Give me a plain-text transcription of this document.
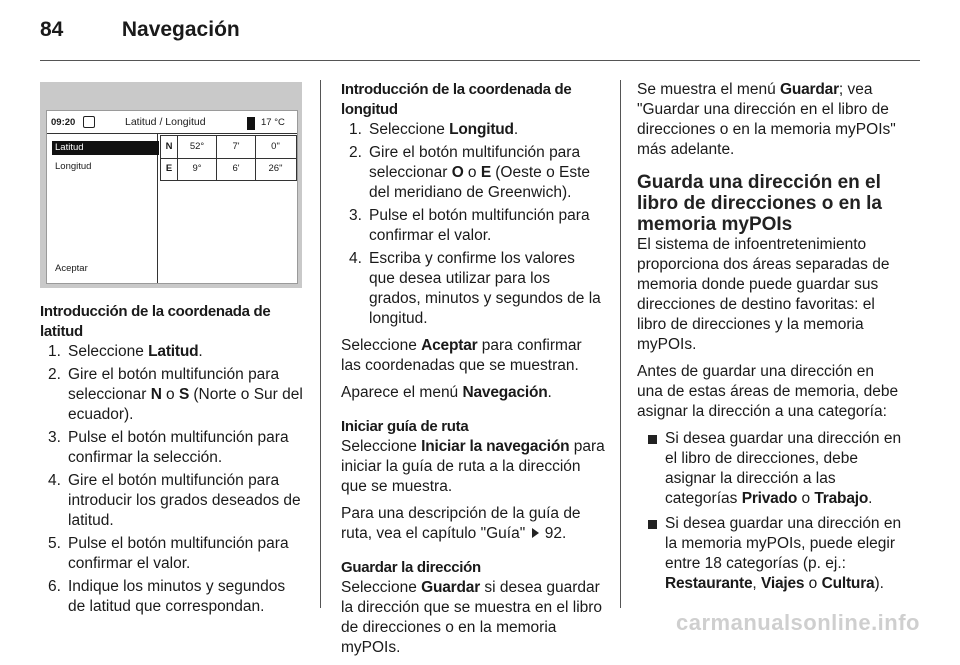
84	Navegación
09:20	Latitud / Longitud	17 °C
Latitud
Longitud
Aceptar
N	52°	7'	0"
E	9°	6'	26"
Introducción de la coordenada de latitud
1. Seleccione Latitud.
2. Gire el botón multifunción para seleccionar N o S (Norte o Sur del ecuador).
3. Pulse el botón multifunción para confirmar la selección.
4. Gire el botón multifunción para introducir los grados deseados de latitud.
5. Pulse el botón multifunción para confirmar el valor.
6. Indique los minutos y segundos de latitud que correspondan.
Introducción de la coordenada de longitud
1. Seleccione Longitud.
2. Gire el botón multifunción para seleccionar O o E (Oeste o Este del meridiano de Greenwich).
3. Pulse el botón multifunción para confirmar el valor.
4. Escriba y confirme los valores que desea utilizar para los grados, minutos y segundos de la longitud.

Seleccione Aceptar para confirmar las coordenadas que se muestran.

Aparece el menú Navegación.

Iniciar guía de ruta

Seleccione Iniciar la navegación para iniciar la guía de ruta a la dirección que se muestra.

Para una descripción de la guía de ruta, vea el capítulo "Guía"  92.

Guardar la dirección

Seleccione Guardar si desea guardar la dirección que se muestra en el libro de direcciones o en la memoria myPOIs.

Se muestra el menú Guardar; vea "Guardar una dirección en el libro de direcciones o en la memoria myPOIs" más adelante.

Guarda una dirección en el libro de direcciones o en la memoria myPOIs

El sistema de infoentretenimiento proporciona dos áreas separadas de memoria donde puede guardar sus direcciones de destino favoritas: el libro de direcciones y la memoria myPOIs.

Antes de guardar una dirección en una de estas áreas de memoria, debe asignar la dirección a una categoría:

Si desea guardar una dirección en el libro de direcciones, debe asignar la dirección a las categorías Privado o Trabajo.
Si desea guardar una dirección en la memoria myPOIs, puede elegir entre 18 categorías (p. ej.: Restaurante, Viajes o Cultura).
carmanualsonline.info
